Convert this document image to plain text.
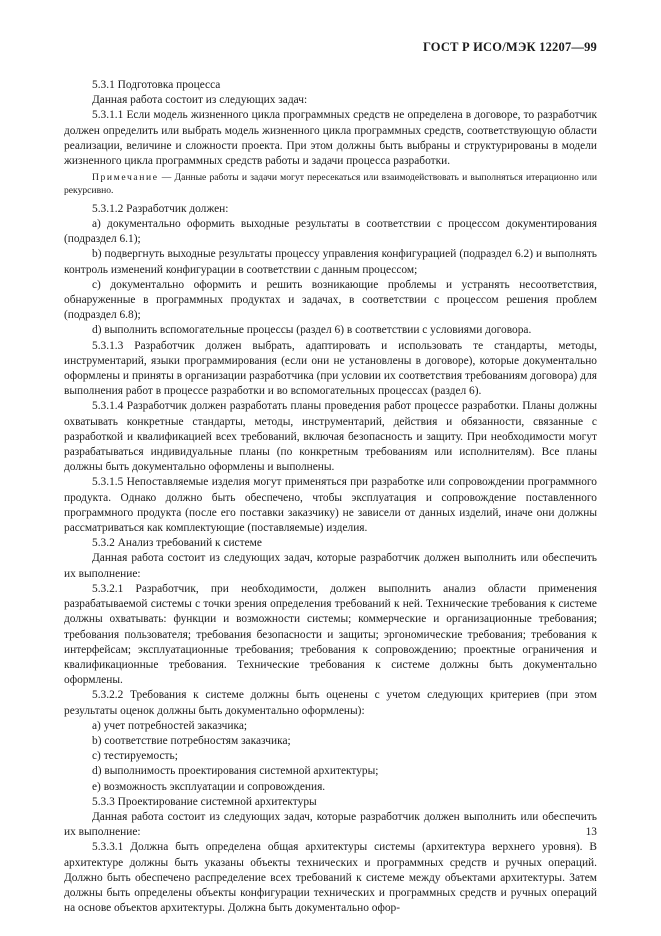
ГОСТ Р ИСО/МЭК 12207—99

5.3.1 Подготовка процесса

Данная работа состоит из следующих задач:

5.3.1.1 Если модель жизненного цикла программных средств не определена в договоре, то разработчик должен определить или выбрать модель жизненного цикла программных средств, соответствующую области реализации, величине и сложности проекта. При этом должны быть выбраны и структурированы в модели жизненного цикла программных средств работы и задачи процесса разработки.

Примечание — Данные работы и задачи могут пересекаться или взаимодействовать и выполняться итерационно или рекурсивно.

5.3.1.2 Разработчик должен:

a) документально оформить выходные результаты в соответствии с процессом документирования (подраздел 6.1);

b) подвергнуть выходные результаты процессу управления конфигурацией (подраздел 6.2) и выполнять контроль изменений конфигурации в соответствии с данным процессом;

c) документально оформить и решить возникающие проблемы и устранять несоответствия, обнаруженные в программных продуктах и задачах, в соответствии с процессом решения проблем (подраздел 6.8);

d) выполнить вспомогательные процессы (раздел 6) в соответствии с условиями договора.

5.3.1.3 Разработчик должен выбрать, адаптировать и использовать те стандарты, методы, инструментарий, языки программирования (если они не установлены в договоре), которые документально оформлены и приняты в организации разработчика (при условии их соответствия требованиям договора) для выполнения работ в процессе разработки и во вспомогательных процессах (раздел 6).

5.3.1.4 Разработчик должен разработать планы проведения работ процессе разработки. Планы должны охватывать конкретные стандарты, методы, инструментарий, действия и обязанности, связанные с разработкой и квалификацией всех требований, включая безопасность и защиту. При необходимости могут разрабатываться индивидуальные планы (по конкретным требованиям или исполнителям). Все планы должны быть документально оформлены и выполнены.

5.3.1.5 Непоставляемые изделия могут применяться при разработке или сопровождении программного продукта. Однако должно быть обеспечено, чтобы эксплуатация и сопровождение поставленного программного продукта (после его поставки заказчику) не зависели от данных изделий, иначе они должны рассматриваться как комплектующие (поставляемые) изделия.

5.3.2 Анализ требований к системе

Данная работа состоит из следующих задач, которые разработчик должен выполнить или обеспечить их выполнение:

5.3.2.1 Разработчик, при необходимости, должен выполнить анализ области применения разрабатываемой системы с точки зрения определения требований к ней. Технические требования к системе должны охватывать: функции и возможности системы; коммерческие и организационные требования; требования пользователя; требования безопасности и защиты; эргономические требования; требования к интерфейсам; эксплуатационные требования; требования к сопровождению; проектные ограничения и квалификационные требования. Технические требования к системе должны быть документально оформлены.

5.3.2.2 Требования к системе должны быть оценены с учетом следующих критериев (при этом результаты оценок должны быть документально оформлены):

a) учет потребностей заказчика;

b) соответствие потребностям заказчика;

c) тестируемость;

d) выполнимость проектирования системной архитектуры;

e) возможность эксплуатации и сопровождения.

5.3.3 Проектирование системной архитектуры

Данная работа состоит из следующих задач, которые разработчик должен выполнить или обеспечить их выполнение:

5.3.3.1 Должна быть определена общая архитектуры системы (архитектура верхнего уровня). В архитектуре должны быть указаны объекты технических и программных средств и ручных операций. Должно быть обеспечено распределение всех требований к системе между объектами архитектуры. Затем должны быть определены объекты конфигурации технических и программных средств и ручных операций на основе объектов архитектуры. Должна быть документально офор-

13
